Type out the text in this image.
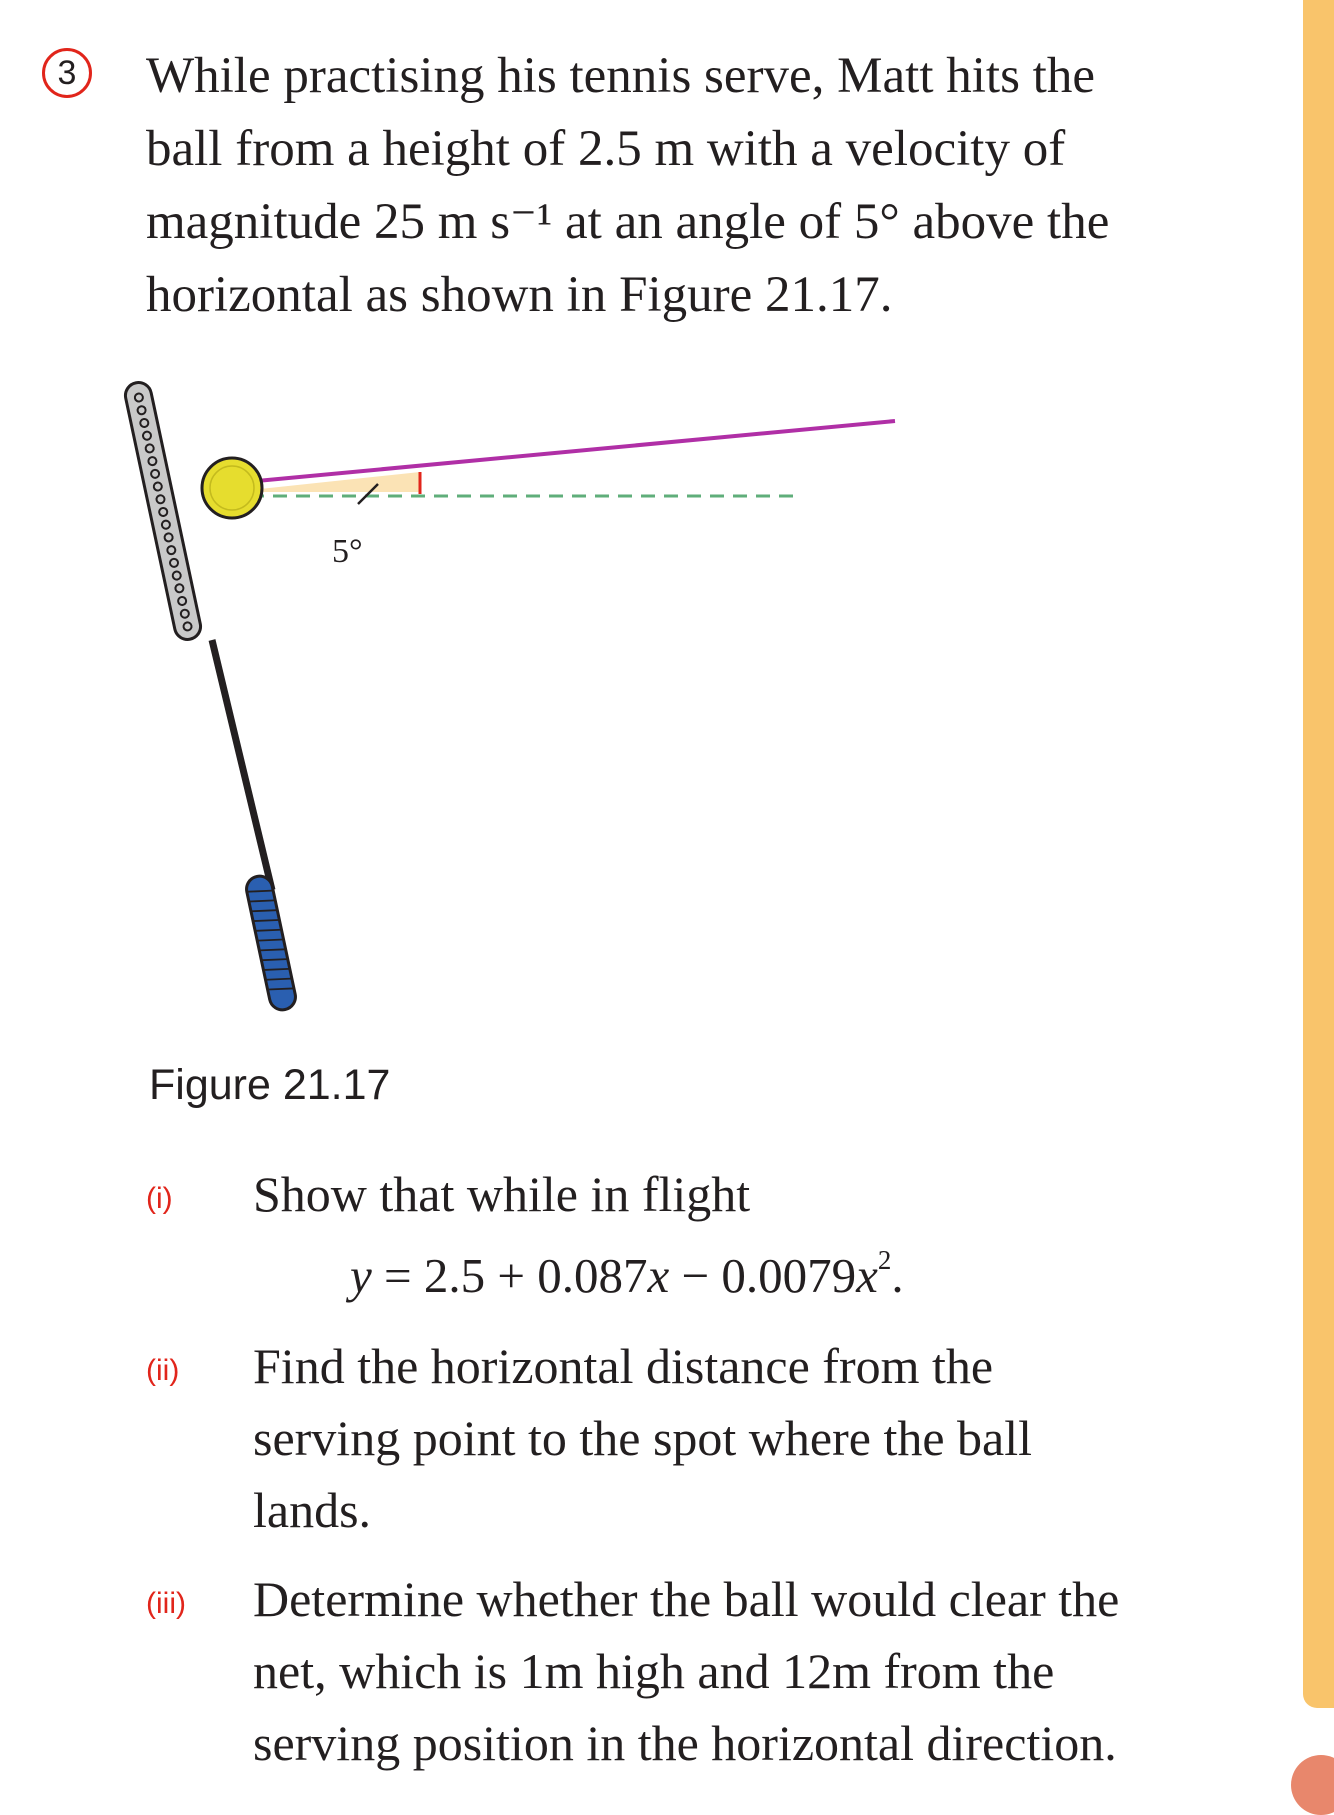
3	While practising his tennis serve, Matt hits the
ball from a height of 2.5 m with a velocity of
magnitude 25 m s⁻¹ at an angle of 5° above the
horizontal as shown in Figure 21.17.
5°
Figure 21.17
(i) Show that while in flight
$y = 2.5 + 0.087x - 0.0079x^2$.
(ii) Find the horizontal distance from the
serving point to the spot where the ball
lands.
(iii) Determine whether the ball would clear the
net, which is 1m high and 12m from the
serving position in the horizontal direction.
